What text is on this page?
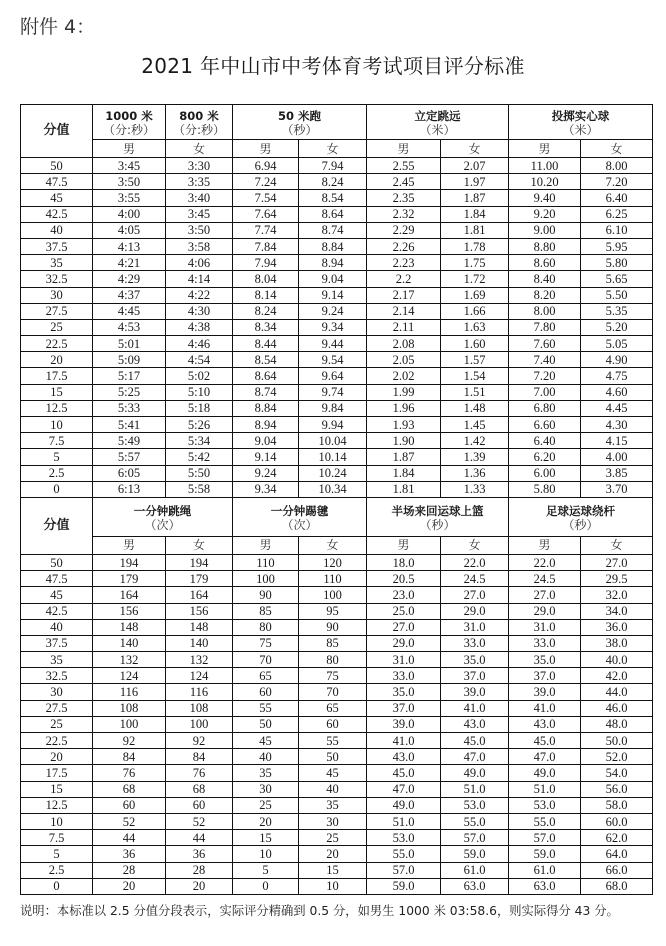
附件 4：
2021 年中山市中考体育考试项目评分标准
分值	1000 米	800 米	50 米跑		立定跳远		投掷实心球	
	（分:秒）	（分:秒）	（秒）		（米）		（米）	
	男	女	男	女	男	女	男	女
50	3:45	3:30	6.94	7.94	2.55	2.07	11.00	8.00
47.5	3:50	3:35	7.24	8.24	2.45	1.97	10.20	7.20
45	3:55	3:40	7.54	8.54	2.35	1.87	9.40	6.40
42.5	4:00	3:45	7.64	8.64	2.32	1.84	9.20	6.25
40	4:05	3:50	7.74	8.74	2.29	1.81	9.00	6.10
37.5	4:13	3:58	7.84	8.84	2.26	1.78	8.80	5.95
35	4:21	4:06	7.94	8.94	2.23	1.75	8.60	5.80
32.5	4:29	4:14	8.04	9.04	2.2	1.72	8.40	5.65
30	4:37	4:22	8.14	9.14	2.17	1.69	8.20	5.50
27.5	4:45	4:30	8.24	9.24	2.14	1.66	8.00	5.35
25	4:53	4:38	8.34	9.34	2.11	1.63	7.80	5.20
22.5	5:01	4:46	8.44	9.44	2.08	1.60	7.60	5.05
20	5:09	4:54	8.54	9.54	2.05	1.57	7.40	4.90
17.5	5:17	5:02	8.64	9.64	2.02	1.54	7.20	4.75
15	5:25	5:10	8.74	9.74	1.99	1.51	7.00	4.60
12.5	5:33	5:18	8.84	9.84	1.96	1.48	6.80	4.45
10	5:41	5:26	8.94	9.94	1.93	1.45	6.60	4.30
7.5	5:49	5:34	9.04	10.04	1.90	1.42	6.40	4.15
5	5:57	5:42	9.14	10.14	1.87	1.39	6.20	4.00
2.5	6:05	5:50	9.24	10.24	1.84	1.36	6.00	3.85
0	6:13	5:58	9.34	10.34	1.81	1.33	5.80	3.70
分值	一分钟跳绳		一分钟踢毽		半场来回运球上篮		足球运球绕杆	
	（次）		（次）		（秒）		（秒）	
	男	女	男	女	男	女	男	女
50	194	194	110	120	18.0	22.0	22.0	27.0
47.5	179	179	100	110	20.5	24.5	24.5	29.5
45	164	164	90	100	23.0	27.0	27.0	32.0
42.5	156	156	85	95	25.0	29.0	29.0	34.0
40	148	148	80	90	27.0	31.0	31.0	36.0
37.5	140	140	75	85	29.0	33.0	33.0	38.0
35	132	132	70	80	31.0	35.0	35.0	40.0
32.5	124	124	65	75	33.0	37.0	37.0	42.0
30	116	116	60	70	35.0	39.0	39.0	44.0
27.5	108	108	55	65	37.0	41.0	41.0	46.0
25	100	100	50	60	39.0	43.0	43.0	48.0
22.5	92	92	45	55	41.0	45.0	45.0	50.0
20	84	84	40	50	43.0	47.0	47.0	52.0
17.5	76	76	35	45	45.0	49.0	49.0	54.0
15	68	68	30	40	47.0	51.0	51.0	56.0
12.5	60	60	25	35	49.0	53.0	53.0	58.0
10	52	52	20	30	51.0	55.0	55.0	60.0
7.5	44	44	15	25	53.0	57.0	57.0	62.0
5	36	36	10	20	55.0	59.0	59.0	64.0
2.5	28	28	5	15	57.0	61.0	61.0	66.0
0	20	20	0	10	59.0	63.0	63.0	68.0
说明：本标准以 2.5 分值分段表示，实际评分精确到 0.5 分，如男生 1000 米 03:58.6，则实际得分 43 分。
